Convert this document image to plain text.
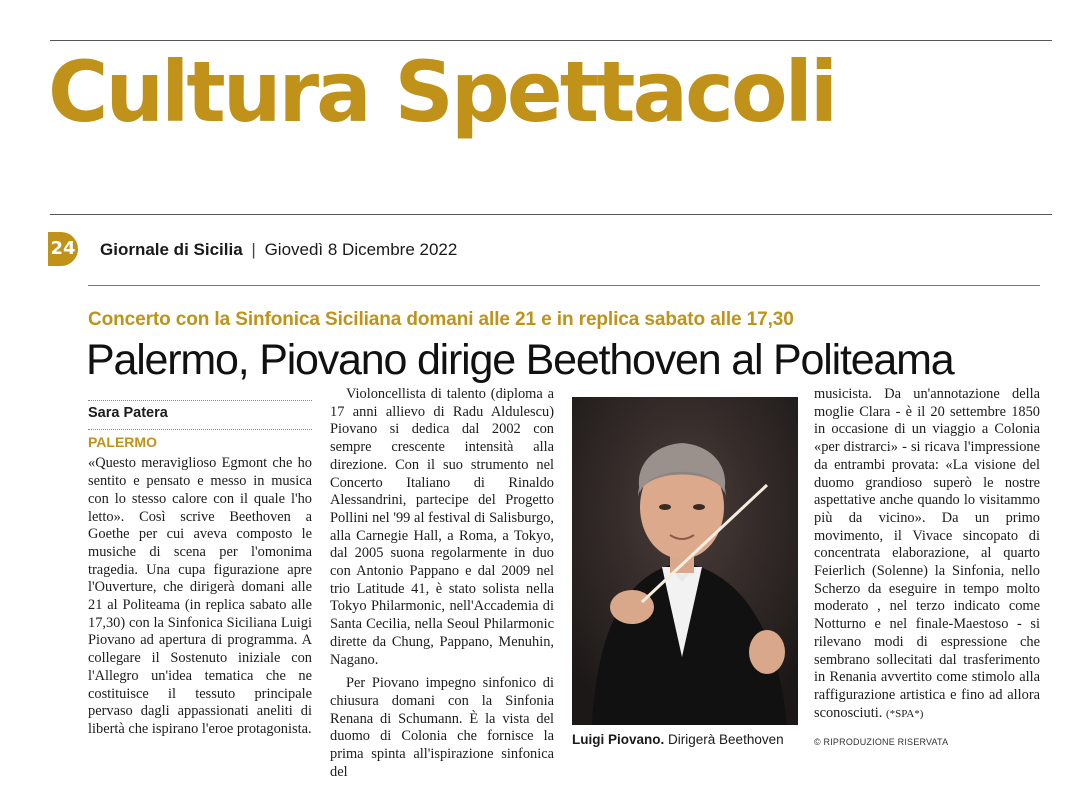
Cultura Spettacoli
24 Giornale di Sicilia | Giovedì 8 Dicembre 2022
Concerto con la Sinfonica Siciliana domani alle 21 e in replica sabato alle 17,30
Palermo, Piovano dirige Beethoven al Politeama
Sara Patera
PALERMO

«Questo meraviglioso Egmont che ho sentito e pensato e messo in musica con lo stesso calore con il quale l'ho letto». Così scrive Beethoven a Goethe per cui aveva composto le musiche di scena per l'omonima tragedia. Una cupa figurazione apre l'Ouverture, che dirigerà domani alle 21 al Politeama (in replica sabato alle 17,30) con la Sinfonica Siciliana Luigi Piovano ad apertura di programma. A collegare il Sostenuto iniziale con l'Allegro un'idea tematica che ne costituisce il tessuto principale pervaso dagli appassionati aneliti di libertà che ispirano l'eroe protagonista.

Violoncellista di talento (diploma a 17 anni allievo di Radu Aldulescu) Piovano si dedica dal 2002 con sempre crescente intensità alla direzione. Con il suo strumento nel Concerto Italiano di Rinaldo Alessandrini, partecipe del Progetto Pollini nel '99 al festival di Salisburgo, alla Carnegie Hall, a Roma, a Tokyo, dal 2005 suona regolarmente in duo con Antonio Pappano e dal 2009 nel trio Latitude 41, è stato solista nella Tokyo Philarmonic, nell'Accademia di Santa Cecilia, nella Seoul Philarmonic dirette da Chung, Pappano, Menuhin, Nagano.

Per Piovano impegno sinfonico di chiusura domani con la Sinfonia Renana di Schumann. È la vista del duomo di Colonia che fornisce la prima spinta all'ispirazione sinfonica del

Luigi Piovano. Dirigerà Beethoven

musicista. Da un'annotazione della moglie Clara - è il 20 settembre 1850 in occasione di un viaggio a Colonia «per distrarci» - si ricava l'impressione da entrambi provata: «La visione del duomo grandioso superò le nostre aspettative anche quando lo visitammo più da vicino». Da un primo movimento, il Vivace sincopato di concentrata elaborazione, al quarto Feierlich (Solenne) la Sinfonia, nello Scherzo da eseguire in tempo molto moderato , nel terzo indicato come Notturno e nel finale-Maestoso - si rilevano modi di espressione che sembrano sollecitati dal trasferimento in Renania avvertito come stimolo alla raffigurazione artistica e fino ad allora sconosciuti. (*SPA*)

© RIPRODUZIONE RISERVATA
